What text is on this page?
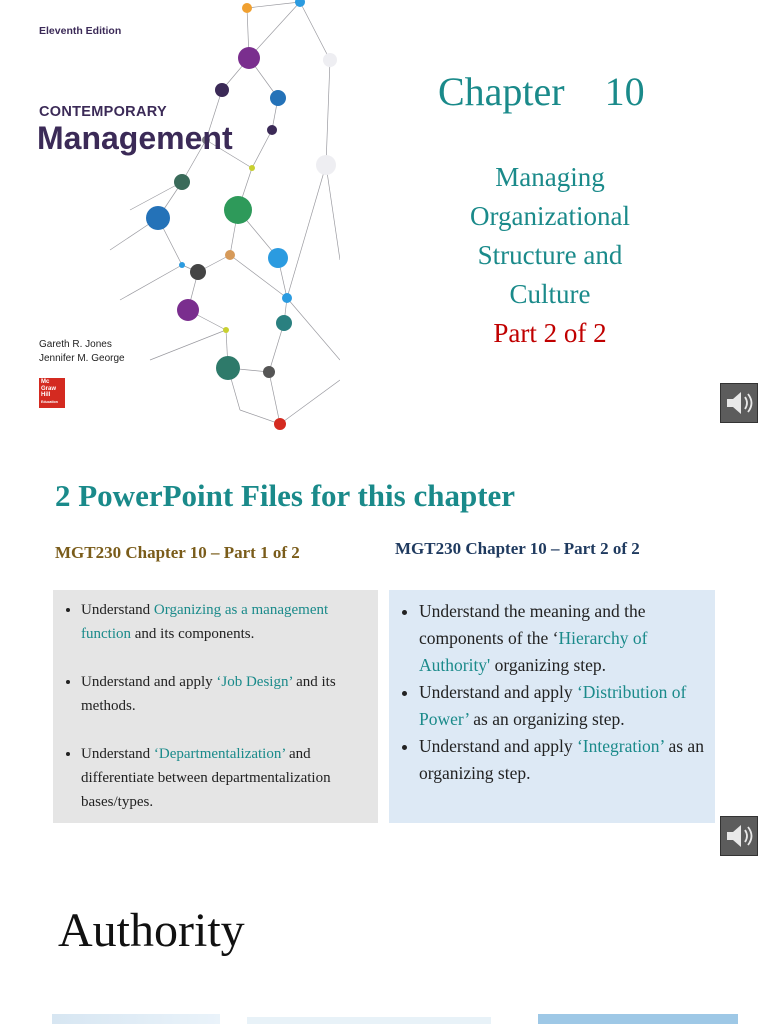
Eleventh Edition
CONTEMPORARY
Management
Gareth R. Jones
Jennifer M. George
Mc
Graw
Hill
Education
Chapter    10
Managing
Organizational
Structure and
Culture
Part 2 of 2
2 PowerPoint Files for this chapter
MGT230 Chapter 10 – Part 1 of 2	MGT230 Chapter 10 – Part 2 of 2
• Understand Organizing as a management function and its components.
• Understand and apply ‘Job Design’ and its methods.
• Understand ‘Departmentalization’ and differentiate between departmentalization bases/types.
• Understand the meaning and the components of the ‘Hierarchy of Authority' organizing step.
• Understand and apply ‘Distribution of Power’ as an organizing step.
• Understand and apply ‘Integration’ as an organizing step.
Authority
